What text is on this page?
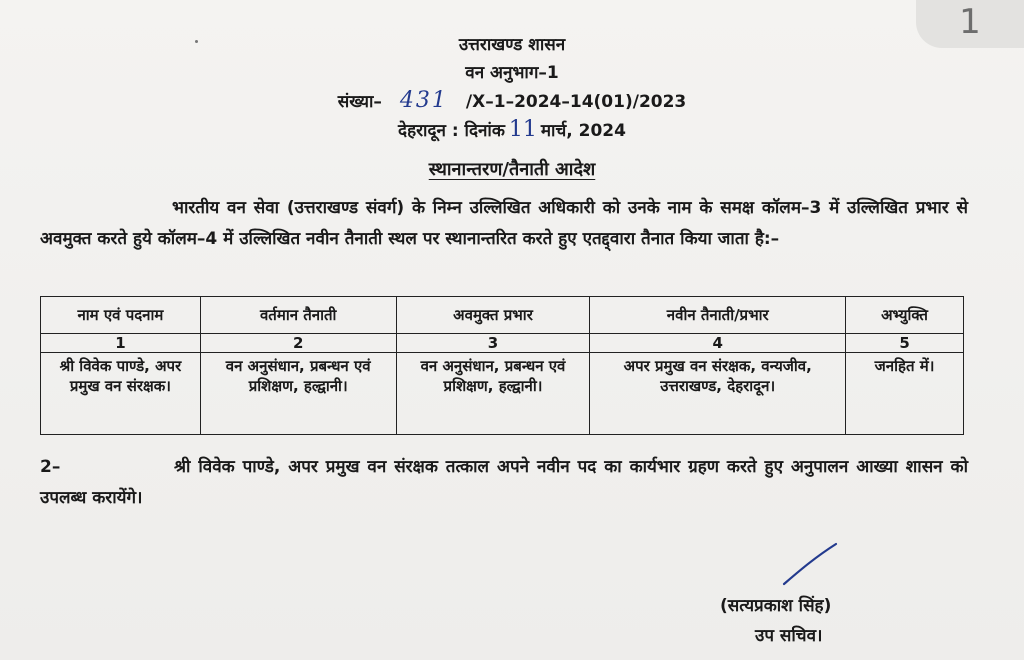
1
उत्तराखण्ड शासन
वन अनुभाग–1
संख्या– 431 /X–1–2024–14(01)/2023
देहरादून : दिनांक 11 मार्च, 2024
स्थानान्तरण/तैनाती आदेश
भारतीय वन सेवा (उत्तराखण्ड संवर्ग) के निम्न उल्लिखित अधिकारी को उनके नाम के समक्ष कॉलम–3 में उल्लिखित प्रभार से अवमुक्त करते हुये कॉलम–4 में उल्लिखित नवीन तैनाती स्थल पर स्थानान्तरित करते हुए एतद्द्वारा तैनात किया जाता है:–
नाम एवं पदनाम	वर्तमान तैनाती	अवमुक्त प्रभार	नवीन तैनाती/प्रभार	अभ्युक्ति
1	2	3	4	5
श्री विवेक पाण्डे, अपर प्रमुख वन संरक्षक।	वन अनुसंधान, प्रबन्धन एवं प्रशिक्षण, हल्द्वानी।	वन अनुसंधान, प्रबन्धन एवं प्रशिक्षण, हल्द्वानी।	अपर प्रमुख वन संरक्षक, वन्यजीव, उत्तराखण्ड, देहरादून।	जनहित में।
2–	श्री विवेक पाण्डे, अपर प्रमुख वन संरक्षक तत्काल अपने नवीन पद का कार्यभार ग्रहण करते हुए अनुपालन आख्या शासन को उपलब्ध करायेंगे।
(सत्यप्रकाश सिंह)
उप सचिव।
